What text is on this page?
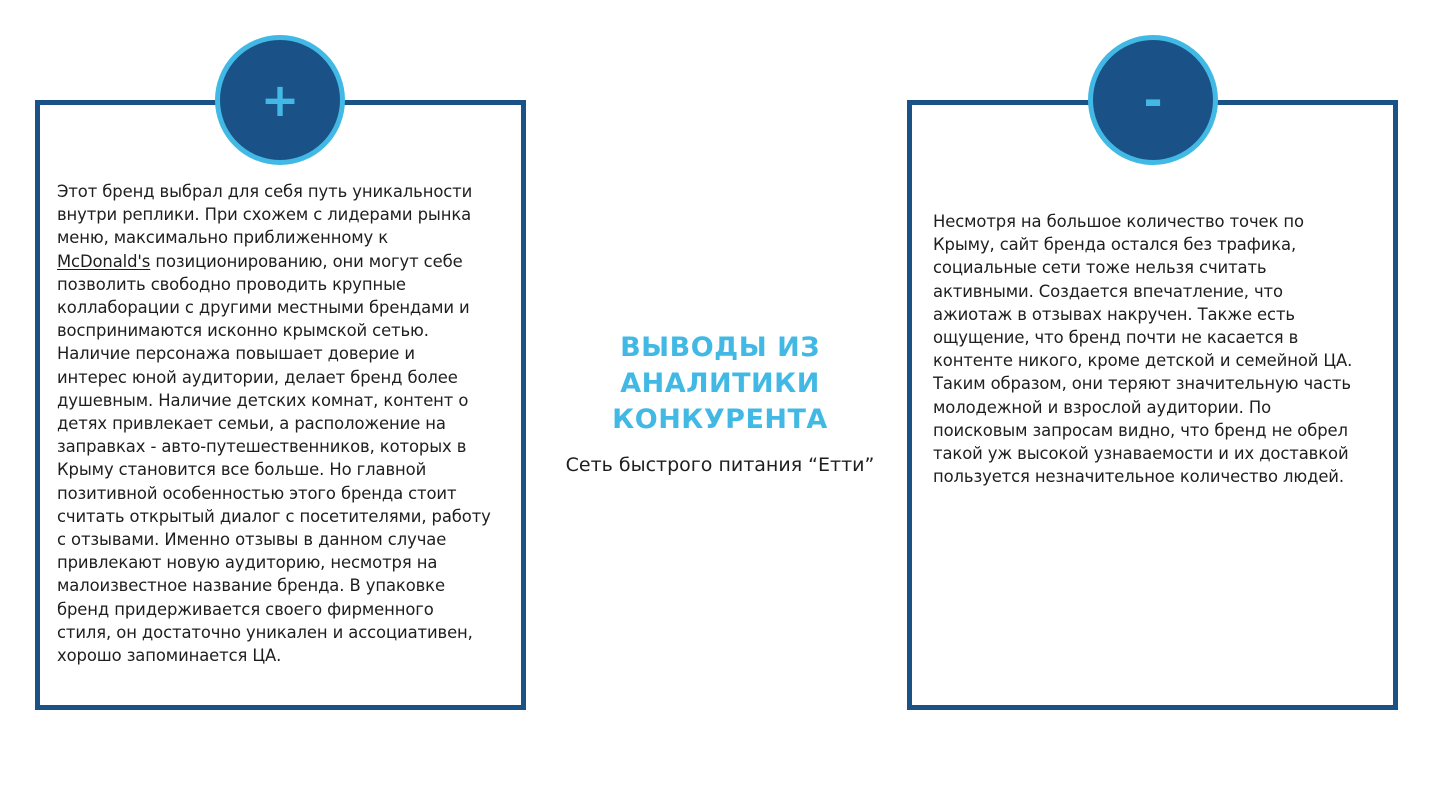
+
Этот бренд выбрал для себя путь уникальности
внутри реплики. При схожем с лидерами рынка
меню, максимально приближенному к
McDonald's позиционированию, они могут себе
позволить свободно проводить крупные
коллаборации с другими местными брендами и
воспринимаются исконно крымской сетью.
Наличие персонажа повышает доверие и
интерес юной аудитории, делает бренд более
душевным. Наличие детских комнат, контент о
детях привлекает семьи, а расположение на
заправках - авто-путешественников, которых в
Крыму становится все больше. Но главной
позитивной особенностью этого бренда стоит
считать открытый диалог с посетителями, работу
с отзывами. Именно отзывы в данном случае
привлекают новую аудиторию, несмотря на
малоизвестное название бренда. В упаковке
бренд придерживается своего фирменного
стиля, он достаточно уникален и ассоциативен,
хорошо запоминается ЦА.
ВЫВОДЫ ИЗ
АНАЛИТИКИ
КОНКУРЕНТА
Сеть быстрого питания “Етти”
-
Несмотря на большое количество точек по
Крыму, сайт бренда остался без трафика,
социальные сети тоже нельзя считать
активными. Создается впечатление, что
ажиотаж в отзывах накручен. Также есть
ощущение, что бренд почти не касается в
контенте никого, кроме детской и семейной ЦА.
Таким образом, они теряют значительную часть
молодежной и взрослой аудитории. По
поисковым запросам видно, что бренд не обрел
такой уж высокой узнаваемости и их доставкой
пользуется незначительное количество людей.
